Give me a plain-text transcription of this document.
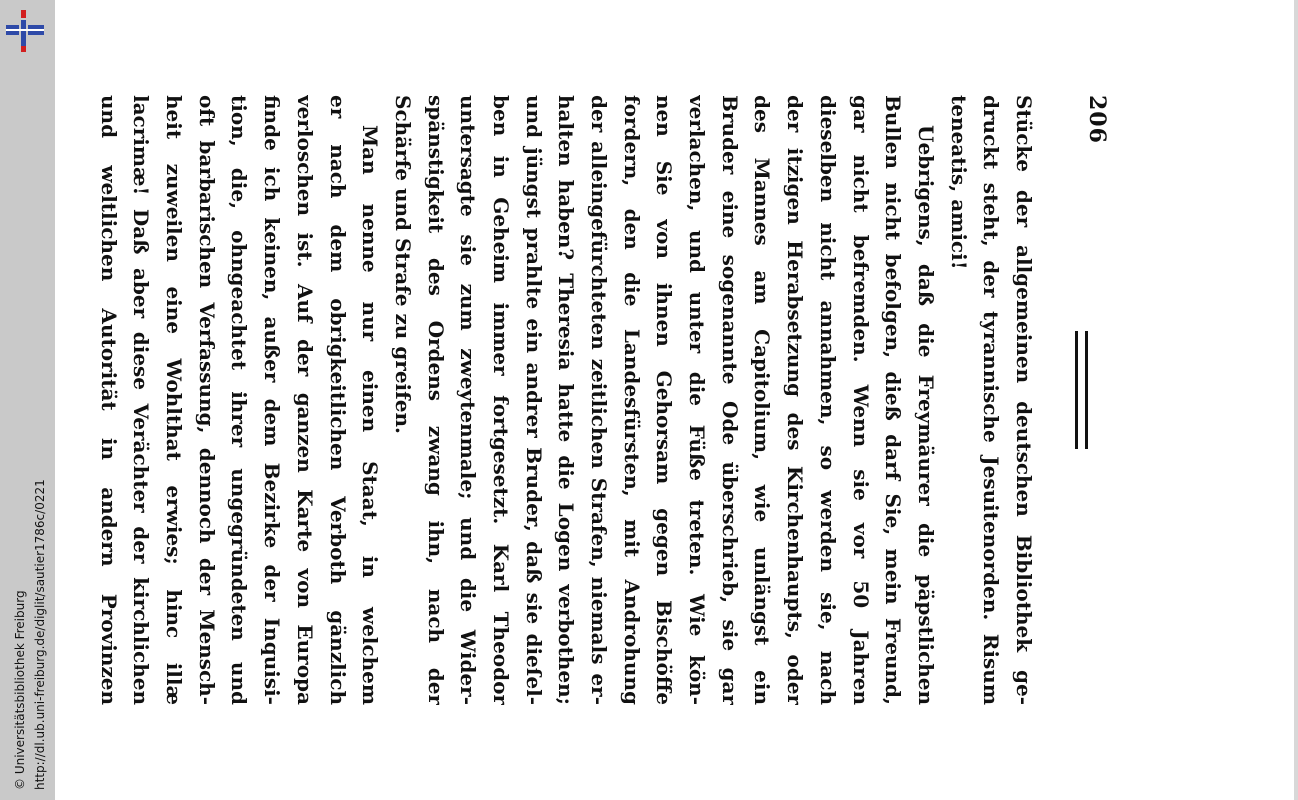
http://dl.ub.uni-freiburg.de/diglit/sautier1786c/0221
© Universitätsbibliothek Freiburg
206
Stücke der allgemeinen deutschen Bibliothek ge-
druckt steht, der tyrannische Jesuitenorden. Risum
teneatis, amici!
Uebrigens, daß die Freymäurer die päpstlichen
Bullen nicht befolgen, dieß darf Sie, mein Freund,
gar nicht befremden. Wenn sie vor 50 Jahren
dieselben nicht annahmen, so werden sie, nach
der itzigen Herabsetzung des Kirchenhaupts, oder
des Mannes am Capitolium, wie unlängst ein
Bruder eine sogenannte Ode überschrieb, sie gar
verlachen, und unter die Füße treten. Wie kön-
nen Sie von ihnen Gehorsam gegen Bischöffe
fordern, den die Landesfürsten, mit Androhung
der alleingefürchteten zeitlichen Strafen, niemals er-
halten haben? Theresia hatte die Logen verbothen;
und jüngst prahlte ein andrer Bruder, daß sie dieſel-
ben in Geheim immer fortgesetzt. Karl Theodor
untersagte sie zum zweytenmale; und die Wider-
spänstigkeit des Ordens zwang ihn, nach der
Schärfe und Strafe zu greifen.
Man nenne nur einen Staat, in welchem
er nach dem obrigkeitlichen Verboth gänzlich
verloschen ist. Auf der ganzen Karte von Europa
finde ich keinen, außer dem Bezirke der Inquisi-
tion, die, ohngeachtet ihrer ungegründeten und
oft barbarischen Verfassung, dennoch der Mensch-
heit zuweilen eine Wohlthat erwies; hinc illæ
lacrimæ! Daß aber diese Verächter der kirchlichen
und weltlichen Autorität in andern Provinzen
